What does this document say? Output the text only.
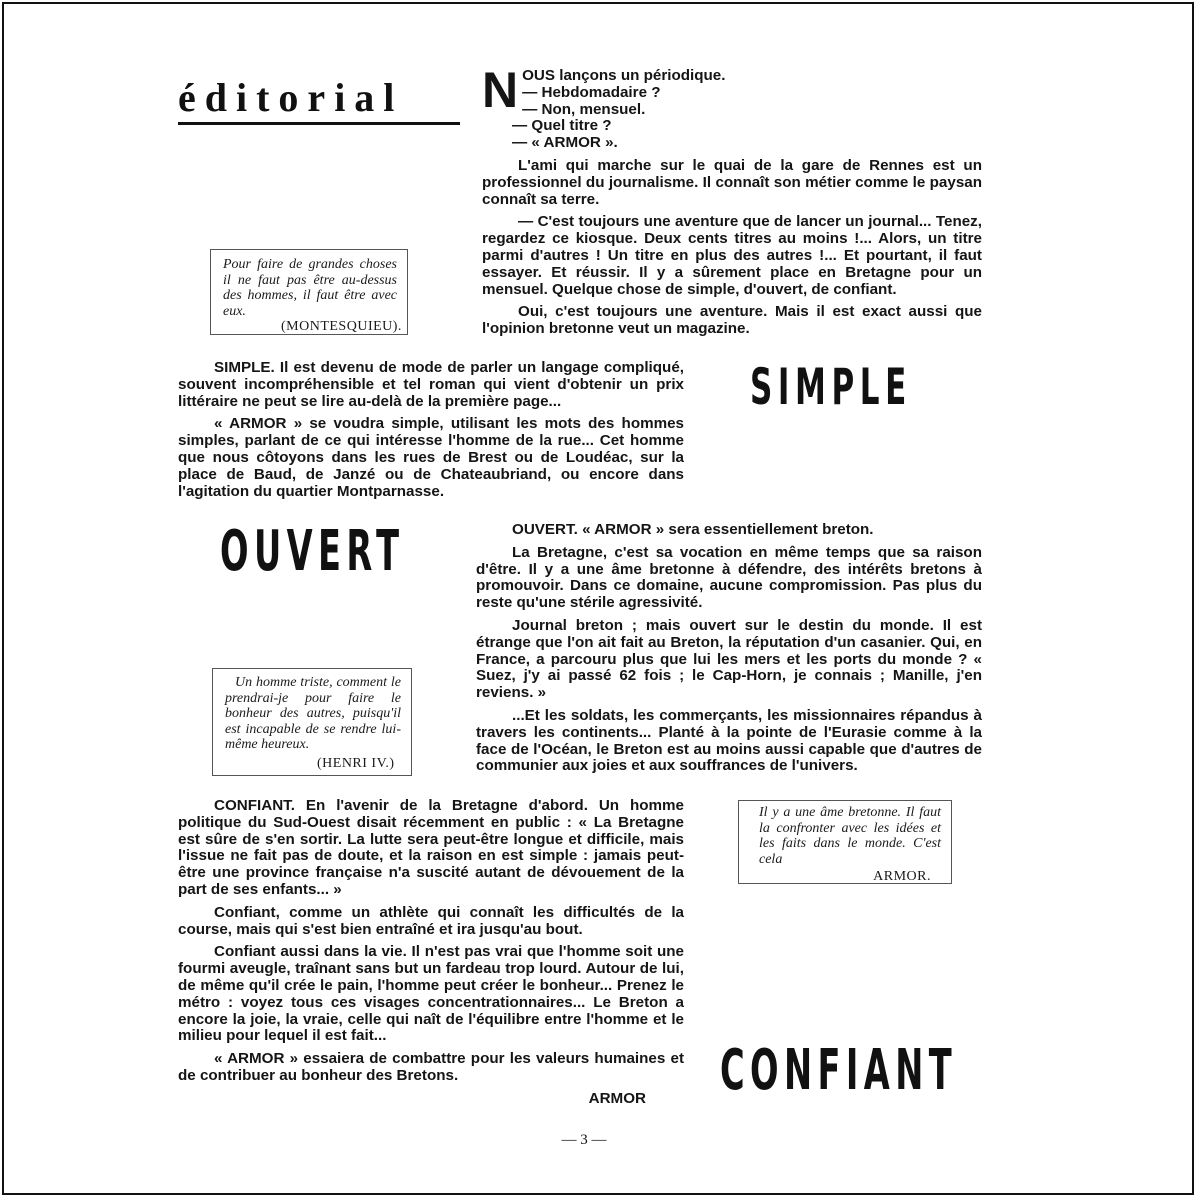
éditorial N OUS lançons un périodique.
— Hebdomadaire ?
— Non, mensuel.
— Quel titre ?
— « ARMOR ».

L'ami qui marche sur le quai de la gare de Rennes est un professionnel du journalisme. Il connaît son métier comme le paysan connaît sa terre.

— C'est toujours une aventure que de lancer un journal... Tenez, regardez ce kiosque. Deux cents titres au moins !... Alors, un titre parmi d'autres ! Un titre en plus des autres !... Et pourtant, il faut essayer. Et réussir. Il y a sûrement place en Bretagne pour un mensuel. Quelque chose de simple, d'ouvert, de confiant.

Oui, c'est toujours une aventure. Mais il est exact aussi que l'opinion bretonne veut un magazine.

Pour faire de grandes choses il ne faut pas être au-dessus des hommes, il faut être avec eux.
(MONTESQUIEU).
SIMPLE

SIMPLE. Il est devenu de mode de parler un langage compliqué, souvent incompréhensible et tel roman qui vient d'obtenir un prix littéraire ne peut se lire au-delà de la première page...

« ARMOR » se voudra simple, utilisant les mots des hommes simples, parlant de ce qui intéresse l'homme de la rue... Cet homme que nous côtoyons dans les rues de Brest ou de Loudéac, sur la place de Baud, de Janzé ou de Chateaubriand, ou encore dans l'agitation du quartier Montparnasse.

OUVERT	OUVERT. « ARMOR » sera essentiellement breton.

La Bretagne, c'est sa vocation en même temps que sa raison d'être. Il y a une âme bretonne à défendre, des intérêts bretons à promouvoir. Dans ce domaine, aucune compromission. Pas plus du reste qu'une stérile agressivité.

Journal breton ; mais ouvert sur le destin du monde. Il est étrange que l'on ait fait au Breton, la réputation d'un casanier. Qui, en France, a parcouru plus que lui les mers et les ports du monde ? « Suez, j'y ai passé 62 fois ; le Cap-Horn, je connais ; Manille, j'en reviens. »

...Et les soldats, les commerçants, les missionnaires répandus à travers les continents... Planté à la pointe de l'Eurasie comme à la face de l'Océan, le Breton est au moins aussi capable que d'autres de communier aux joies et aux souffrances de l'univers.

Un homme triste, comment le prendrai-je pour faire le bonheur des autres, puisqu'il est incapable de se rendre lui-même heureux.
(HENRI IV.)

CONFIANT. En l'avenir de la Bretagne d'abord. Un homme politique du Sud-Ouest disait récemment en public : « La Bretagne est sûre de s'en sortir. La lutte sera peut-être longue et difficile, mais l'issue ne fait pas de doute, et la raison en est simple : jamais peut-être une province française n'a suscité autant de dévouement de la part de ses enfants... »

Confiant, comme un athlète qui connaît les difficultés de la course, mais qui s'est bien entraîné et ira jusqu'au bout.

Confiant aussi dans la vie. Il n'est pas vrai que l'homme soit une fourmi aveugle, traînant sans but un fardeau trop lourd. Autour de lui, de même qu'il crée le pain, l'homme peut créer le bonheur... Prenez le métro : voyez tous ces visages concentrationnaires... Le Breton a encore la joie, la vraie, celle qui naît de l'équilibre entre l'homme et le milieu pour lequel il est fait...

« ARMOR » essaiera de combattre pour les valeurs humaines et de contribuer au bonheur des Bretons.

ARMOR
Il y a une âme bretonne. Il faut la confronter avec les idées et les faits dans le monde. C'est cela
ARMOR.
CONFIANT
— 3 —
